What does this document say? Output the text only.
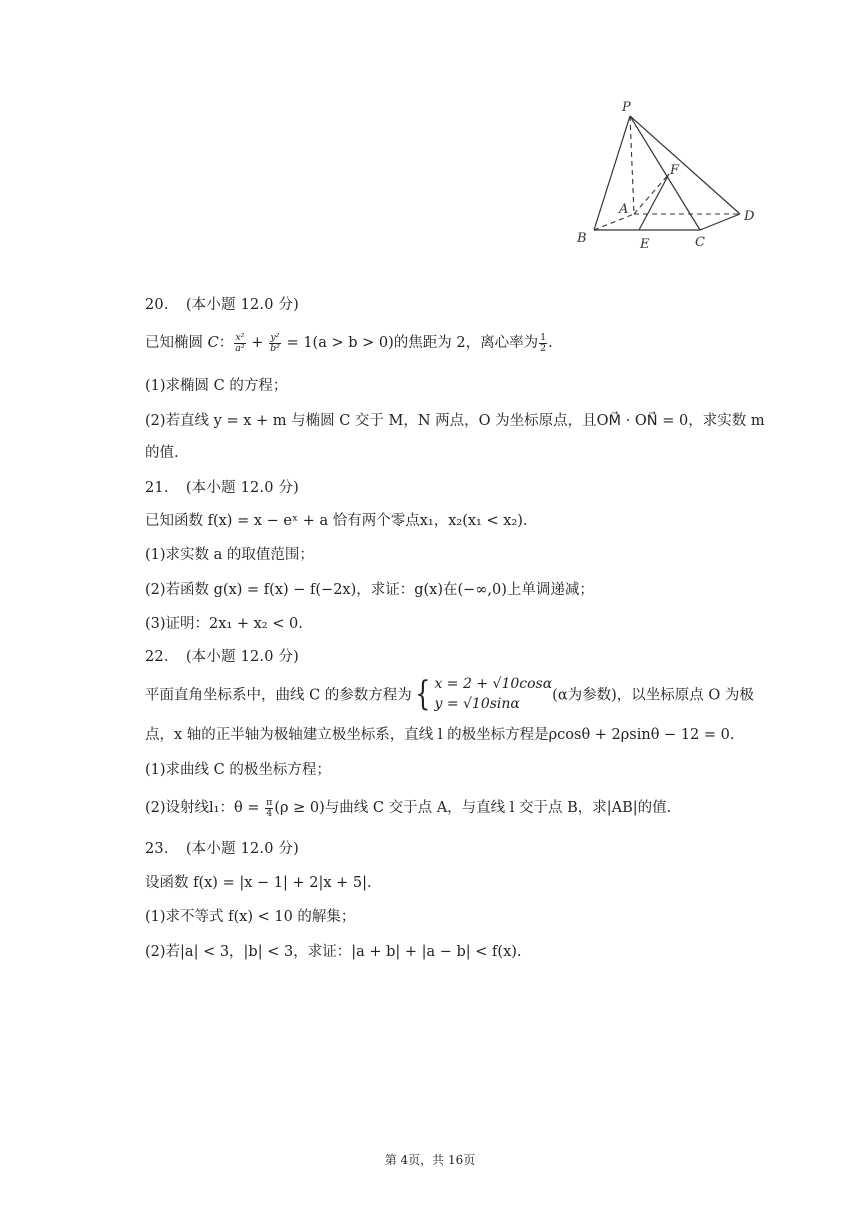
P
F
A	D
B	E	C
20. (本小题 12.0 分)
已知椭圆 C： $\frac{\text{x²}}{\text{a²}} + \frac{\text{y²}}{\text{b²}} = 1(a > b > 0)$的焦距为 2，离心率为 $\frac{1}{2}$ .
(1)求椭圆 C 的方程；
(2)若直线 y = x + m 与椭圆 C 交于 M，N 两点，O 为坐标原点，且OM⃗ · ON⃗ = 0，求实数 m
的值.
21. (本小题 12.0 分)
已知函数 f(x) = x − eˣ + a 恰有两个零点x₁，x₂(x₁ < x₂).
(1)求实数 a 的取值范围；
(2)若函数 g(x) = f(x) − f(−2x)，求证：g(x)在(−∞,0)上单调递减；
(3)证明：2x₁ + x₂ < 0.
22. (本小题 12.0 分)
平面直角坐标系中，曲线 C 的参数方程为{ x = 2 + √10cosα
y = √10sinα
(α为参数)，以坐标原点 O 为极
点，x 轴的正半轴为极轴建立极坐标系，直线 l 的极坐标方程是ρcosθ + 2ρsinθ − 12 = 0.
(1)求曲线 C 的极坐标方程；
(2)设射线l₁：$\theta = \frac{\pi}{4} (\rho \ge 0)$与曲线 C 交于点 A，与直线 l 交于点 B，求|AB|的值.
23. (本小题 12.0 分)
设函数 f(x) = |x − 1| + 2|x + 5|.
(1)求不等式 f(x) < 10 的解集；
(2)若|a| < 3，|b| < 3，求证：|a + b| + |a − b| < f(x).
第 4页，共 16页
